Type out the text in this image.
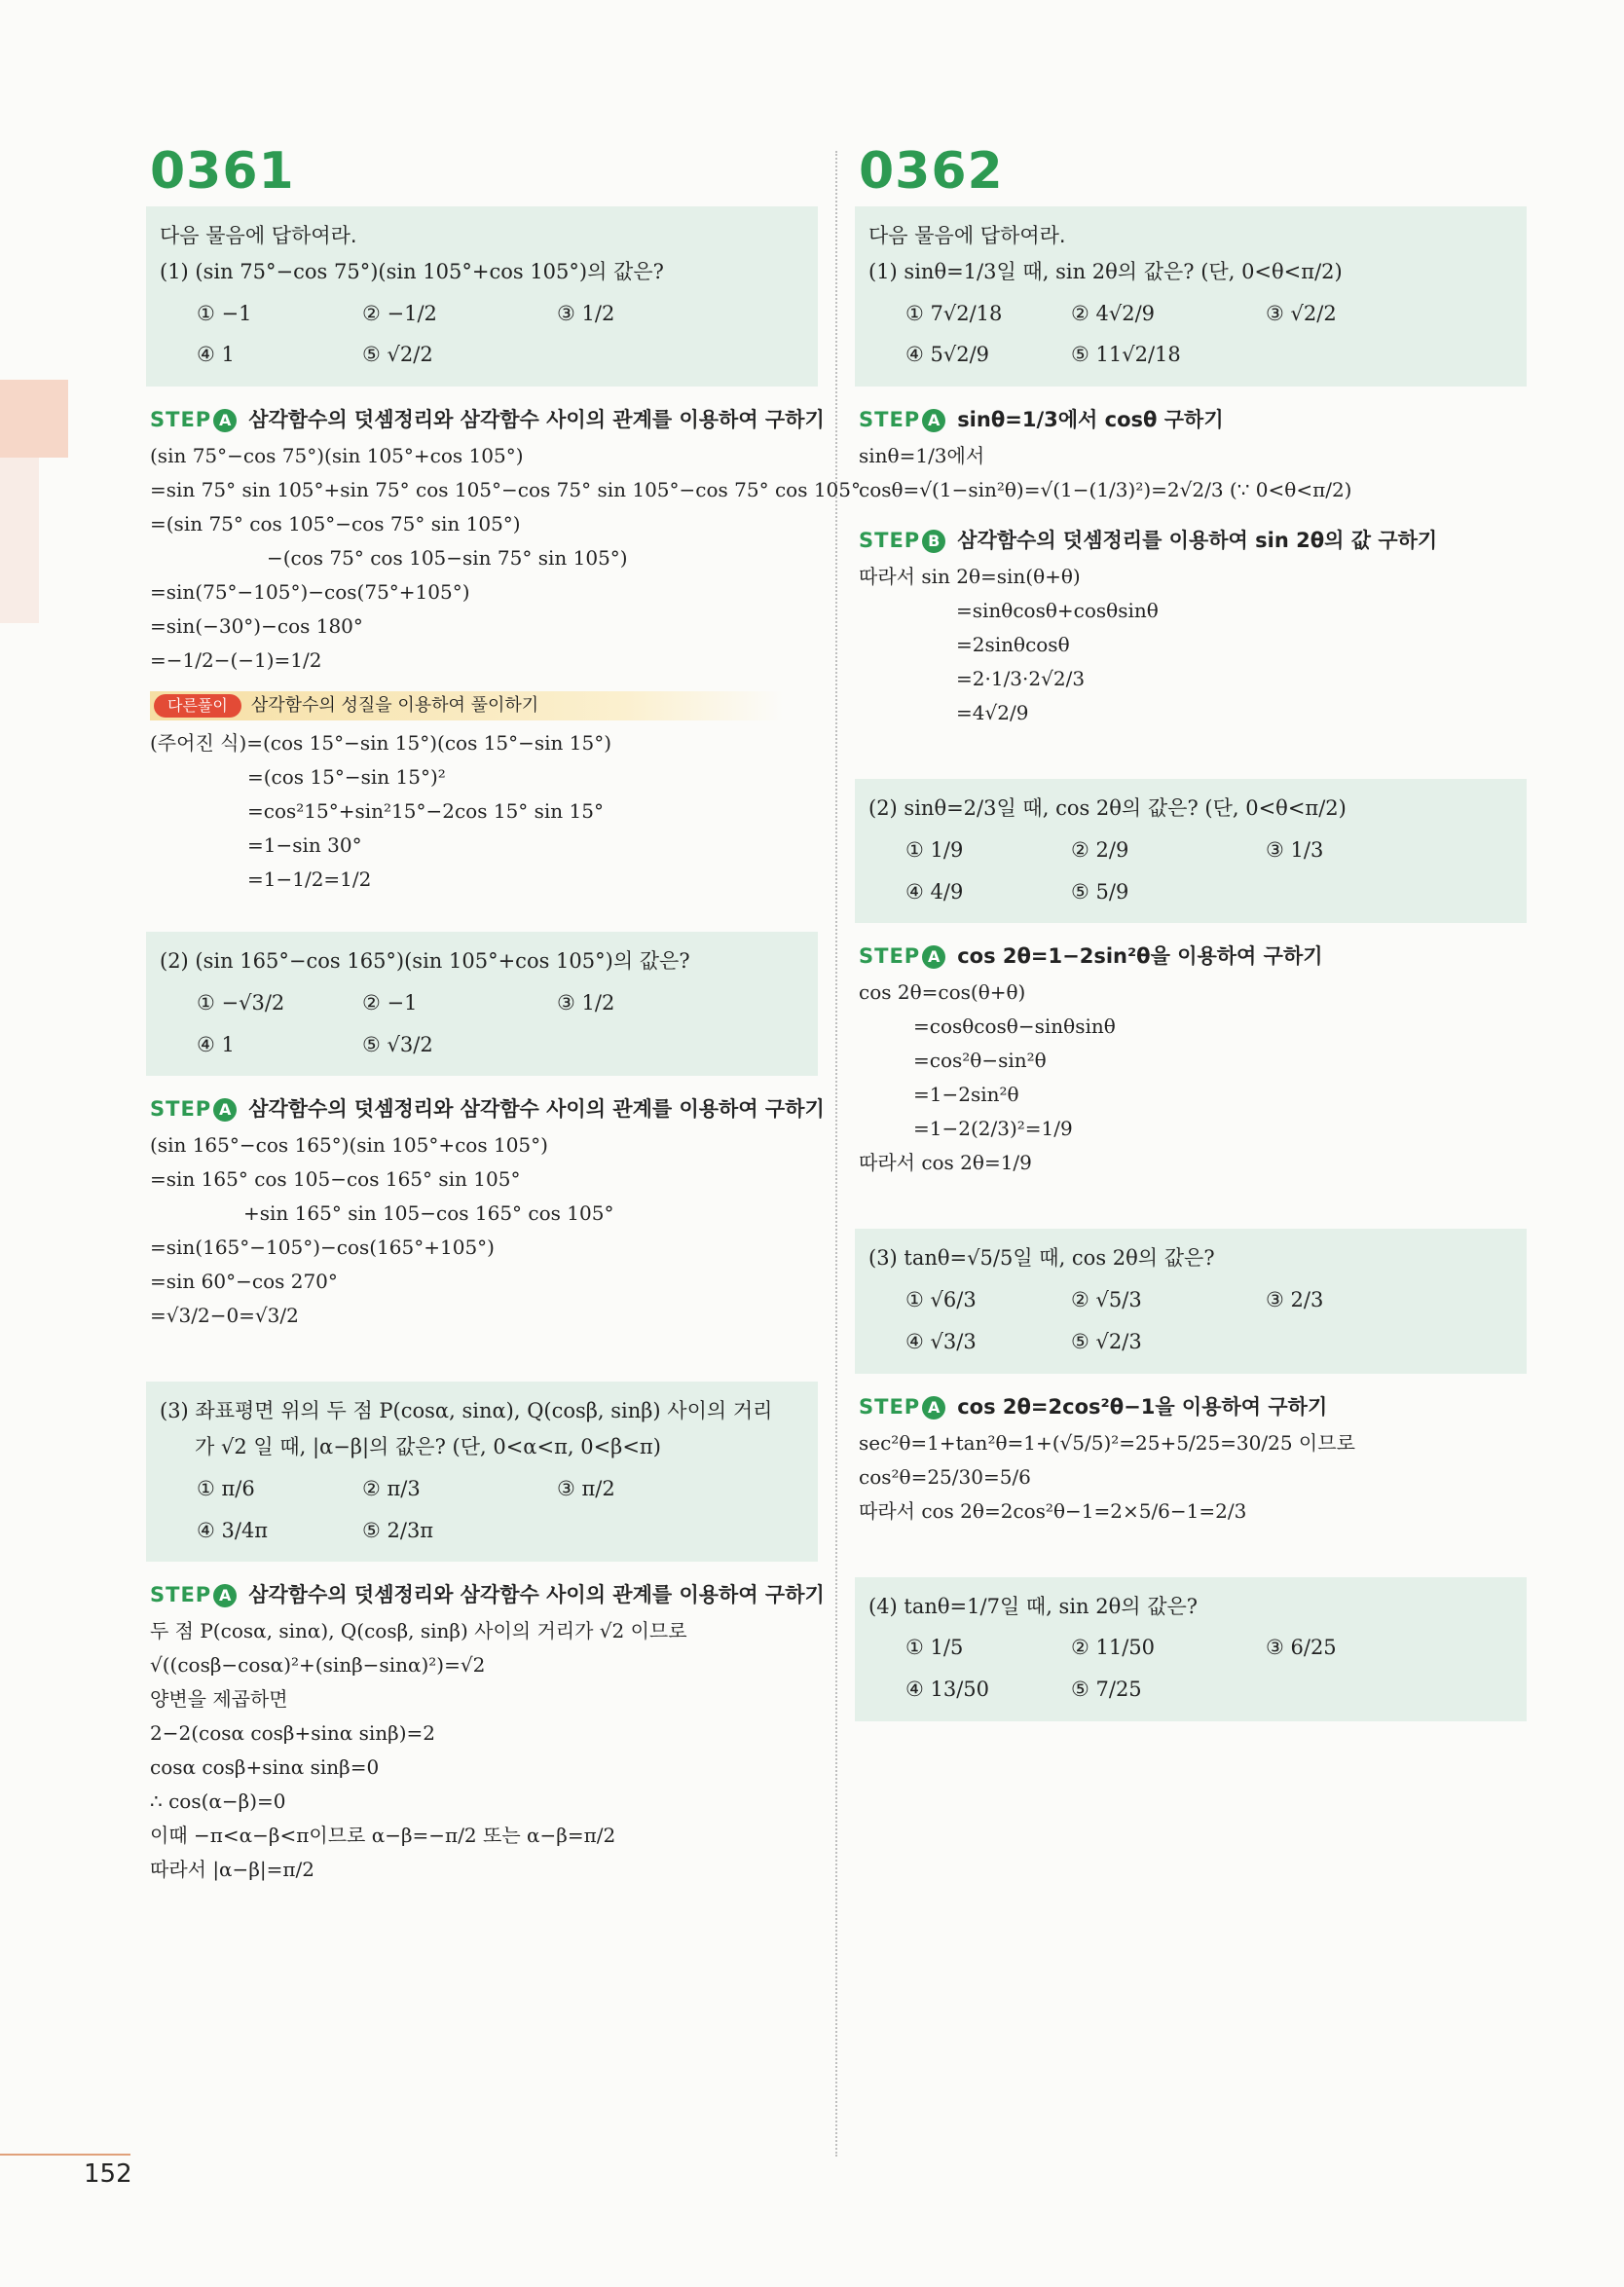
0361
다음 물음에 답하여라.
(1) (sin 75°−cos 75°)(sin 105°+cos 105°)의 값은?
① −1	② −1/2	③ 1/2
④ 1	⑤ √2/2
STEP A 삼각함수의 덧셈정리와 삼각함수 사이의 관계를 이용하여 구하기
(sin 75°−cos 75°)(sin 105°+cos 105°)
=sin 75° sin 105°+sin 75° cos 105°−cos 75° sin 105°−cos 75° cos 105°
=(sin 75° cos 105°−cos 75° sin 105°)
−(cos 75° cos 105−sin 75° sin 105°)
=sin(75°−105°)−cos(75°+105°)
=sin(−30°)−cos 180°
=−1/2−(−1)=1/2
다른풀이 삼각함수의 성질을 이용하여 풀이하기
(주어진 식)=(cos 15°−sin 15°)(cos 15°−sin 15°)
=(cos 15°−sin 15°)²
=cos²15°+sin²15°−2cos 15° sin 15°
=1−sin 30°
=1−1/2=1/2
(2) (sin 165°−cos 165°)(sin 105°+cos 105°)의 값은?
① −√3/2	② −1	③ 1/2
④ 1	⑤ √3/2
STEP A 삼각함수의 덧셈정리와 삼각함수 사이의 관계를 이용하여 구하기
(sin 165°−cos 165°)(sin 105°+cos 105°)
=sin 165° cos 105−cos 165° sin 105°
+sin 165° sin 105−cos 165° cos 105°
=sin(165°−105°)−cos(165°+105°)
=sin 60°−cos 270°
=√3/2−0=√3/2
(3) 좌표평면 위의 두 점 P(cosα, sinα), Q(cosβ, sinβ) 사이의 거리
가 √2 일 때, |α−β|의 값은? (단, 0<α<π, 0<β<π)
① π/6	② π/3	③ π/2
④ 3/4π	⑤ 2/3π
STEP A 삼각함수의 덧셈정리와 삼각함수 사이의 관계를 이용하여 구하기
두 점 P(cosα, sinα), Q(cosβ, sinβ) 사이의 거리가 √2 이므로
√((cosβ−cosα)²+(sinβ−sinα)²)=√2
양변을 제곱하면
2−2(cosα cosβ+sinα sinβ)=2
cosα cosβ+sinα sinβ=0
∴ cos(α−β)=0
이때 −π<α−β<π이므로 α−β=−π/2 또는 α−β=π/2
따라서 |α−β|=π/2
0362
다음 물음에 답하여라.
(1) sinθ=1/3일 때, sin 2θ의 값은? (단, 0<θ<π/2)
① 7√2/18	② 4√2/9	③ √2/2
④ 5√2/9	⑤ 11√2/18
STEP A sinθ=1/3에서 cosθ 구하기
sinθ=1/3에서
cosθ=√(1−sin²θ)=√(1−(1/3)²)=2√2/3 (∵ 0<θ<π/2)
STEP B 삼각함수의 덧셈정리를 이용하여 sin 2θ의 값 구하기
따라서 sin 2θ=sin(θ+θ)
=sinθcosθ+cosθsinθ
=2sinθcosθ
=2·1/3·2√2/3
=4√2/9
(2) sinθ=2/3일 때, cos 2θ의 값은? (단, 0<θ<π/2)
① 1/9	② 2/9	③ 1/3
④ 4/9	⑤ 5/9
STEP A cos 2θ=1−2sin²θ을 이용하여 구하기
cos 2θ=cos(θ+θ)
=cosθcosθ−sinθsinθ
=cos²θ−sin²θ
=1−2sin²θ
=1−2(2/3)²=1/9
따라서 cos 2θ=1/9
(3) tanθ=√5/5일 때, cos 2θ의 값은?
① √6/3	② √5/3	③ 2/3
④ √3/3	⑤ √2/3
STEP A cos 2θ=2cos²θ−1을 이용하여 구하기
sec²θ=1+tan²θ=1+(√5/5)²=25+5/25=30/25 이므로
cos²θ=25/30=5/6
따라서 cos 2θ=2cos²θ−1=2×5/6−1=2/3
(4) tanθ=1/7일 때, sin 2θ의 값은?
① 1/5	② 11/50	③ 6/25
④ 13/50	⑤ 7/25
152
